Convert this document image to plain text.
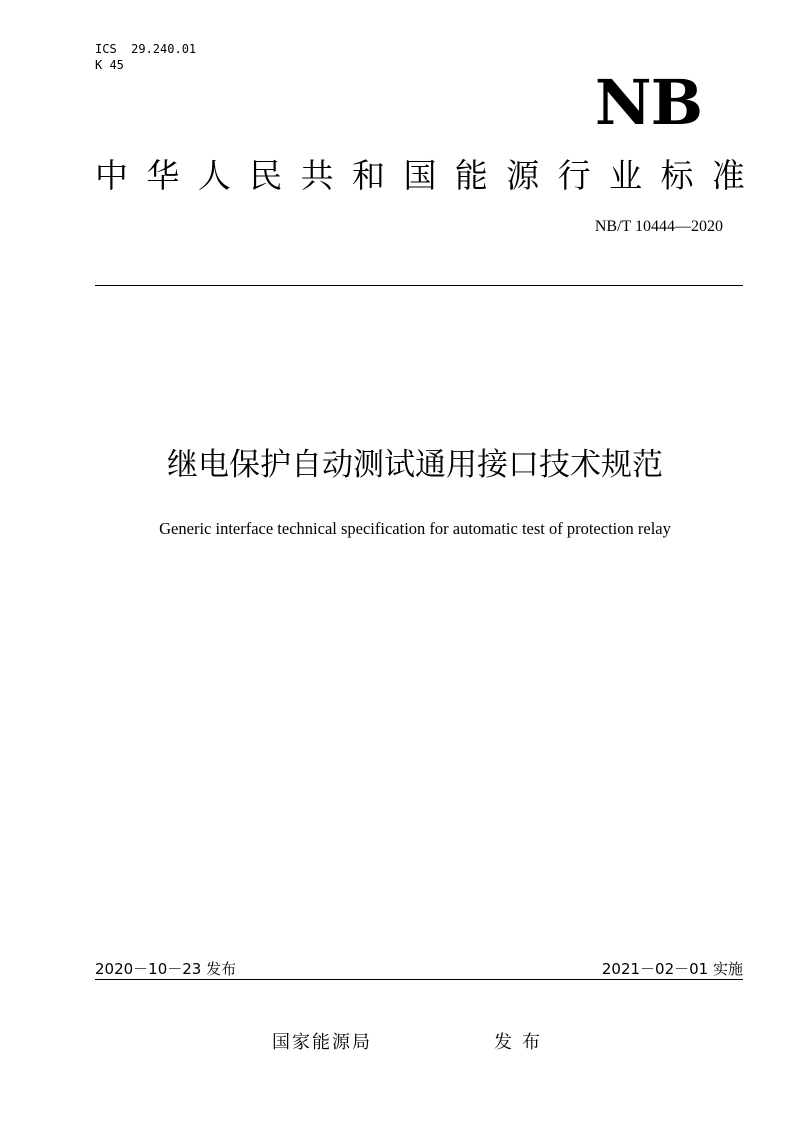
ICS  29.240.01
K 45
NB
中 华 人 民 共 和 国 能 源 行 业 标 准
NB/T 10444—2020
继电保护自动测试通用接口技术规范
Generic interface technical specification for automatic test of protection relay
2020－10－23 发布	2021－02－01 实施
国家能源局	发布
